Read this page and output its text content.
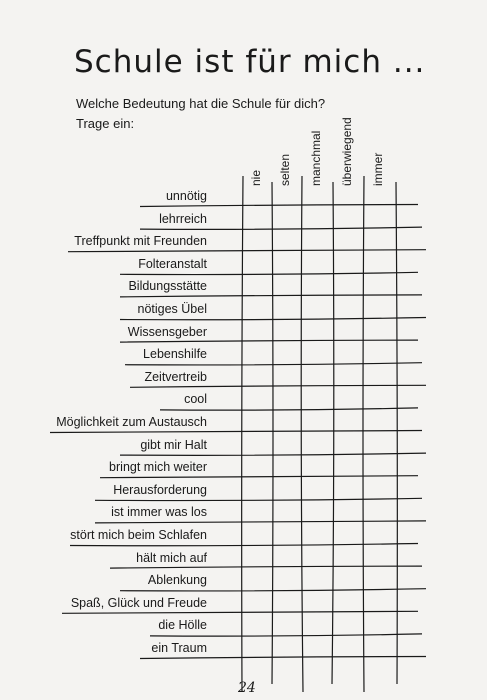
Schule ist für mich ...
Welche Bedeutung hat die Schule für dich?
Trage ein:
nie selten manchmal überwiegend immer
unnötig
lehrreich
Treffpunkt mit Freunden
Folteranstalt
Bildungsstätte
nötiges Übel
Wissensgeber
Lebenshilfe
Zeitvertreib
cool
Möglichkeit zum Austausch
gibt mir Halt
bringt mich weiter
Herausforderung
ist immer was los
stört mich beim Schlafen
hält mich auf
Ablenkung
Spaß, Glück und Freude
die Hölle
ein Traum
24
